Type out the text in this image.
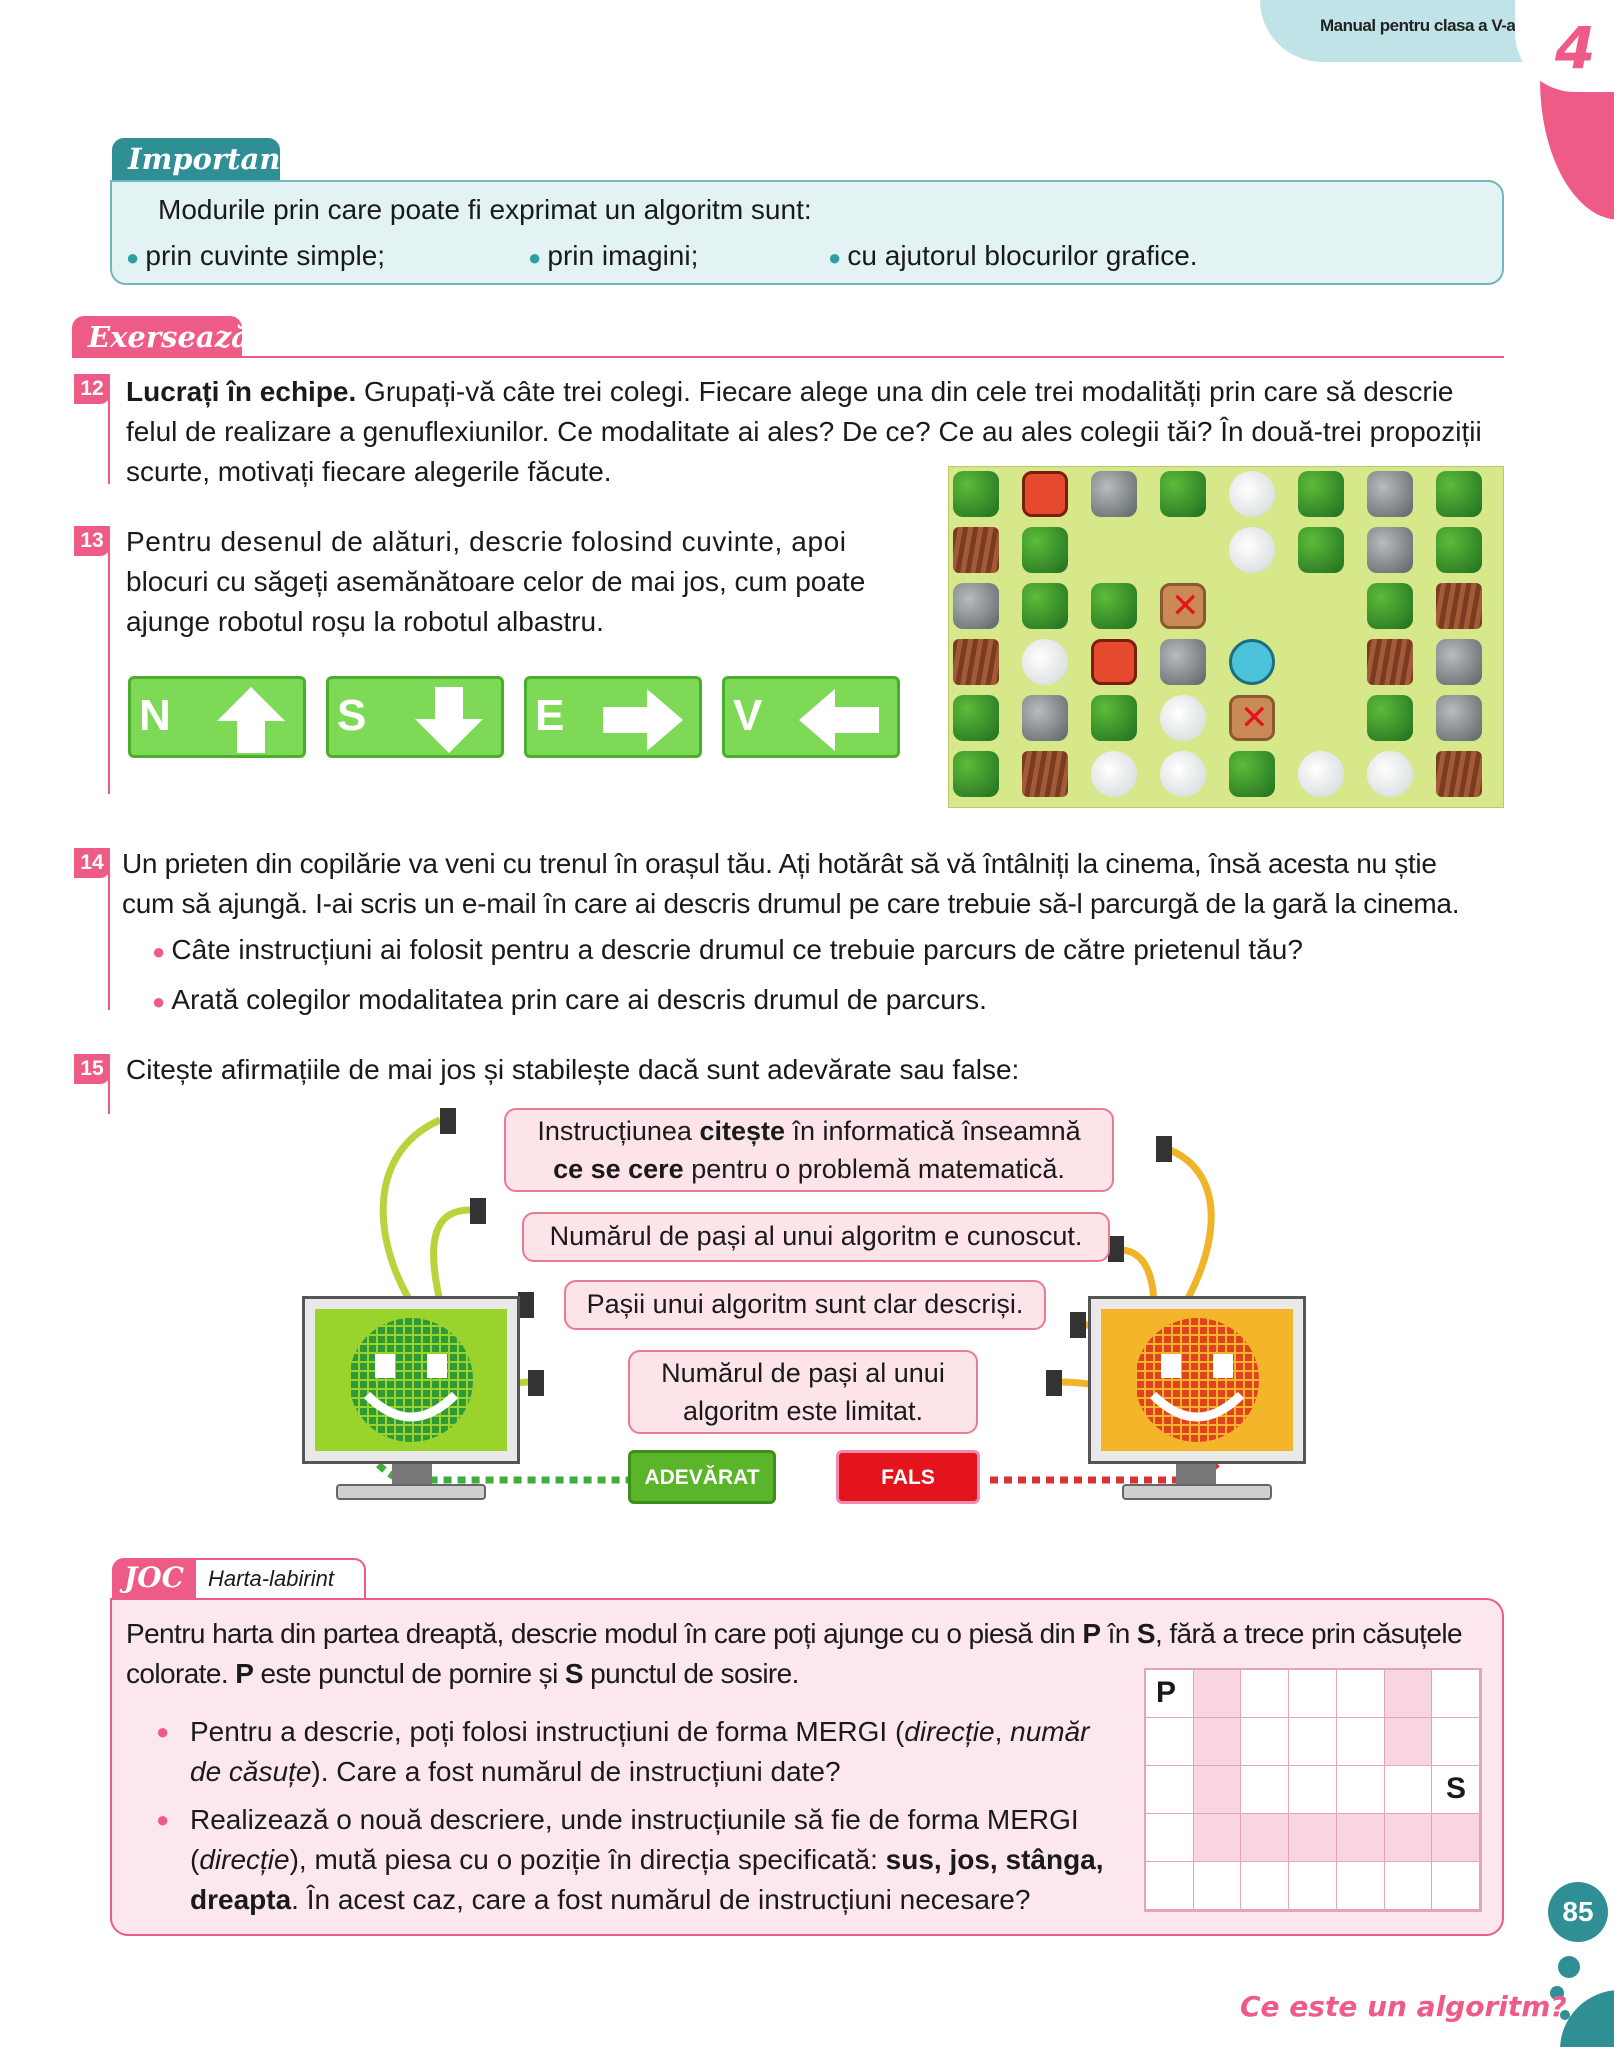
Manual pentru clasa a V-a 4
Important
Modurile prin care poate fi exprimat un algoritm sunt:
● prin cuvinte simple;	● prin imagini;	● cu ajutorul blocurilor grafice.
Exersează!
12 Lucrați în echipe. Grupați-vă câte trei colegi. Fiecare alege una din cele trei modalități prin care să descrie
felul de realizare a genuflexiunilor. Ce modalitate ai ales? De ce? Ce au ales colegii tăi? În două-trei propoziții
scurte, motivați fiecare alegerile făcute.
13 Pentru desenul de alături, descrie folosind cuvinte, apoi
blocuri cu săgeți asemănătoare celor de mai jos, cum poate
ajunge robotul roșu la robotul albastru.
N	S	E	V
✕
✕
14 Un prieten din copilărie va veni cu trenul în orașul tău. Ați hotărât să vă întâlniți la cinema, însă acesta nu știe
cum să ajungă. I-ai scris un e-mail în care ai descris drumul pe care trebuie să-l parcurgă de la gară la cinema.
● Câte instrucțiuni ai folosit pentru a descrie drumul ce trebuie parcurs de către prietenul tău?
● Arată colegilor modalitatea prin care ai descris drumul de parcurs.
15 Citește afirmațiile de mai jos și stabilește dacă sunt adevărate sau false:
Instrucțiunea citește în informatică înseamnă
ce se cere pentru o problemă matematică.
Numărul de pași al unui algoritm e cunoscut.
Pașii unui algoritm sunt clar descriși.
Numărul de pași al unui
algoritm este limitat.
ADEVĂRAT	FALS
JOC	Harta-labirint
Pentru harta din partea dreaptă, descrie modul în care poți ajunge cu o piesă din P în S, fără a trece prin căsuțele
colorate. P este punctul de pornire și S punctul de sosire.
● Pentru a descrie, poți folosi instrucțiuni de forma MERGI (direcție, număr
de căsuțe). Care a fost numărul de instrucțiuni date?
● Realizează o nouă descriere, unde instrucțiunile să fie de forma MERGI
(direcție), mută piesa cu o poziție în direcția specificată: sus, jos, stânga,
dreapta. În acest caz, care a fost numărul de instrucțiuni necesare?
P
S
85
Ce este un algoritm?
